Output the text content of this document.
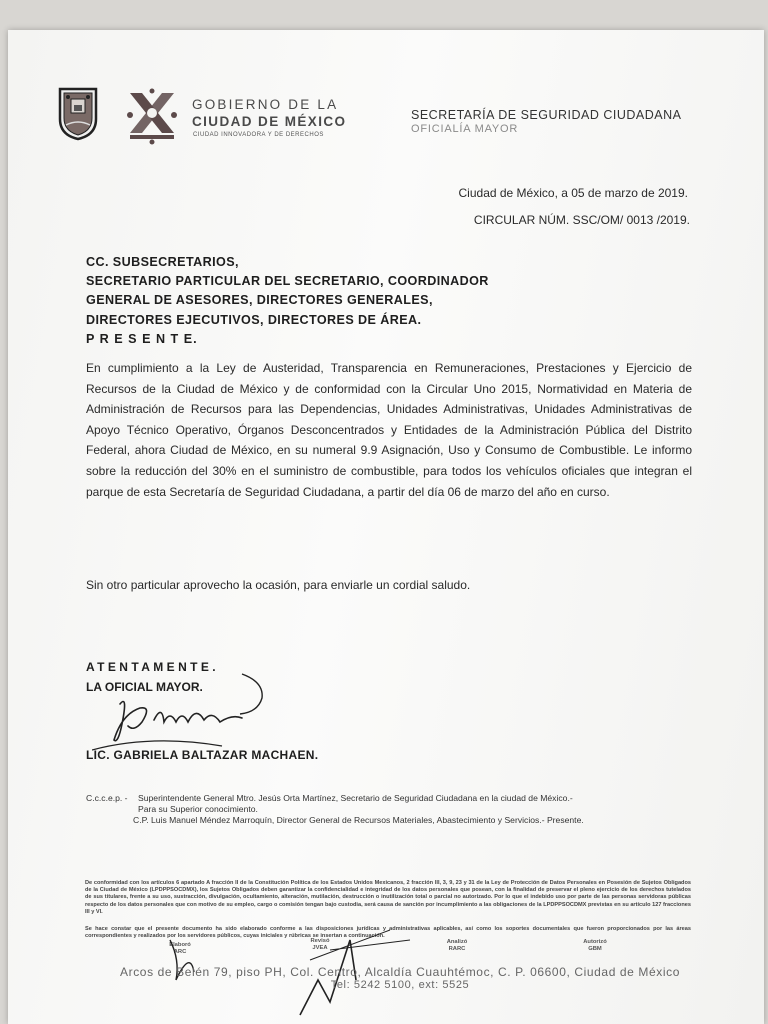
GOBIERNO DE LA
CIUDAD DE MÉXICO
CIUDAD INNOVADORA Y DE DERECHOS
SECRETARÍA DE SEGURIDAD CIUDADANA
OFICIALÍA MAYOR
Ciudad de México, a 05 de marzo de 2019.
CIRCULAR NÚM. SSC/OM/ 0013 /2019.
CC. SUBSECRETARIOS,
SECRETARIO PARTICULAR DEL SECRETARIO, COORDINADOR
GENERAL DE ASESORES, DIRECTORES GENERALES,
DIRECTORES EJECUTIVOS, DIRECTORES DE ÁREA.
P R E S E N T E.
En cumplimiento a la Ley de Austeridad, Transparencia en Remuneraciones, Prestaciones y Ejercicio de Recursos de la Ciudad de México y de conformidad con la Circular Uno 2015, Normatividad en Materia de Administración de Recursos para las Dependencias, Unidades Administrativas, Unidades Administrativas de Apoyo Técnico Operativo, Órganos Desconcentrados y Entidades de la Administración Pública del Distrito Federal, ahora Ciudad de México, en su numeral 9.9 Asignación, Uso y Consumo de Combustible. Le informo sobre la reducción del 30% en el suministro de combustible, para todos los vehículos oficiales que integran el parque de esta Secretaría de Seguridad Ciudadana, a partir del día 06 de marzo del año en curso.
Sin otro particular aprovecho la ocasión, para enviarle un cordial saludo.
ATENTAMENTE.
LA OFICIAL MAYOR.
LIC. GABRIELA BALTAZAR MACHAEN.
C.c.c.e.p. - Superintendente General Mtro. Jesús Orta Martínez, Secretario de Seguridad Ciudadana en la ciudad de México.-
Para su Superior conocimiento.
C.P. Luis Manuel Méndez Marroquín, Director General de Recursos Materiales, Abastecimiento y Servicios.- Presente.
De conformidad con los artículos 6 apartado A fracción II de la Constitución Política de los Estados Unidos Mexicanos, 2 fracción III, 3, 9, 23 y 31 de la Ley de Protección de Datos Personales en Posesión de Sujetos Obligados de la Ciudad de México (LPDPPSOCDMX), los Sujetos Obligados deben garantizar la confidencialidad e integridad de los datos personales que posean, con la finalidad de preservar el pleno ejercicio de los derechos tutelados de sus titulares, frente a su uso, sustracción, divulgación, ocultamiento, alteración, mutilación, destrucción o inutilización total o parcial no autorizado. Por lo que el indebido uso por parte de las personas servidoras públicas respecto de los datos personales que con motivo de su empleo, cargo o comisión tengan bajo custodia, será causa de sanción por incumplimiento a las obligaciones de la LPDPPSOCDMX previstas en su artículo 127 fracciones III y VI.
Se hace constar que el presente documento ha sido elaborado conforme a las disposiciones jurídicas y administrativas aplicables, así como los soportes documentales que fueron proporcionados por las áreas correspondientes y realizados por los servidores públicos, cuyas iniciales y rúbricas se insertan a continuación.
Elaboró
ARC
Revisó
JVEA
Analizó
RARC
Autorizó
GBM
Arcos de Belén 79, piso PH, Col. Centro, Alcaldía Cuauhtémoc, C. P. 06600, Ciudad de México
Tel: 5242 5100, ext: 5525
